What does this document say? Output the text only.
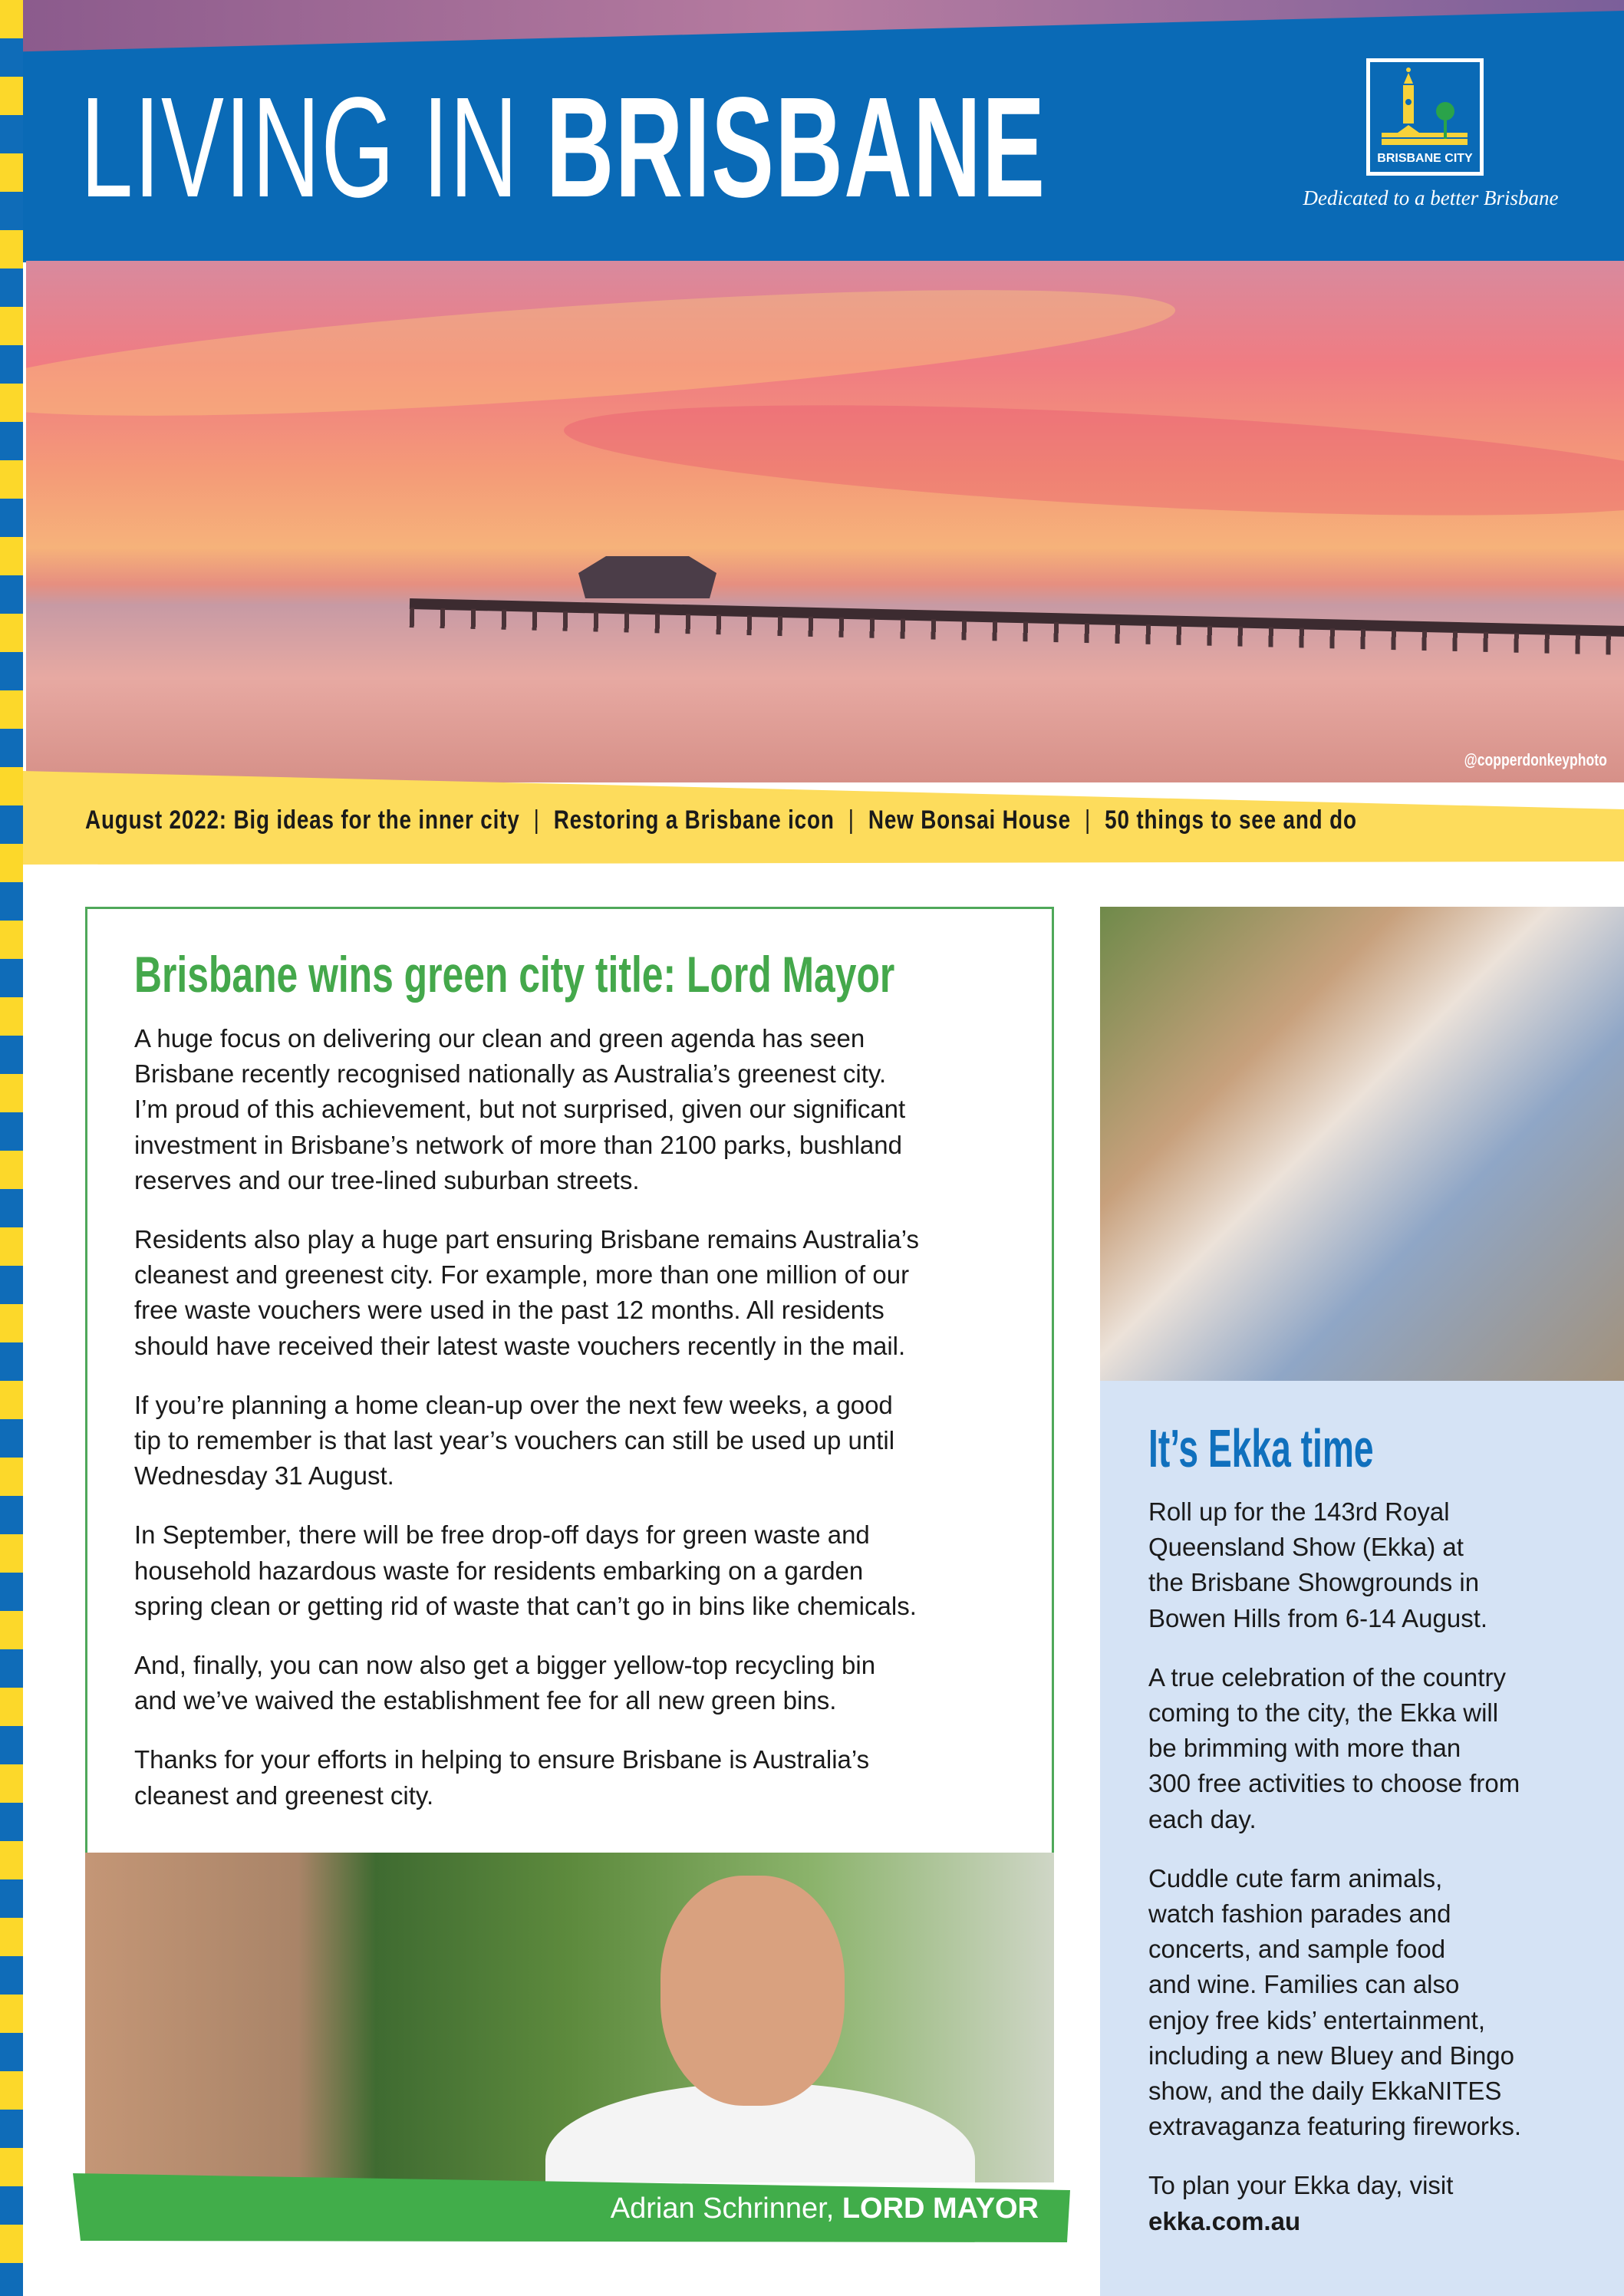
LIVING IN BRISBANE	BRISBANE CITY
Dedicated to a better Brisbane
@copperdonkeyphoto
August 2022: Big ideas for the inner city | Restoring a Brisbane icon | New Bonsai House | 50 things to see and do
Brisbane wins green city title: Lord Mayor

A huge focus on delivering our clean and green agenda has seen
Brisbane recently recognised nationally as Australia’s greenest city.
I’m proud of this achievement, but not surprised, given our significant
investment in Brisbane’s network of more than 2100 parks, bushland
reserves and our tree-lined suburban streets.

Residents also play a huge part ensuring Brisbane remains Australia’s
cleanest and greenest city. For example, more than one million of our
free waste vouchers were used in the past 12 months. All residents
should have received their latest waste vouchers recently in the mail.

If you’re planning a home clean-up over the next few weeks, a good
tip to remember is that last year’s vouchers can still be used up until
Wednesday 31 August.

In September, there will be free drop-off days for green waste and
household hazardous waste for residents embarking on a garden
spring clean or getting rid of waste that can’t go in bins like chemicals.

And, finally, you can now also get a bigger yellow-top recycling bin
and we’ve waived the establishment fee for all new green bins.

Thanks for your efforts in helping to ensure Brisbane is Australia’s
cleanest and greenest city.

Adrian Schrinner, LORD MAYOR
It’s Ekka time

Roll up for the 143rd Royal
Queensland Show (Ekka) at
the Brisbane Showgrounds in
Bowen Hills from 6-14 August.

A true celebration of the country
coming to the city, the Ekka will
be brimming with more than
300 free activities to choose from
each day.

Cuddle cute farm animals,
watch fashion parades and
concerts, and sample food
and wine. Families can also
enjoy free kids’ entertainment,
including a new Bluey and Bingo
show, and the daily EkkaNITES
extravaganza featuring fireworks.

To plan your Ekka day, visit
ekka.com.au
